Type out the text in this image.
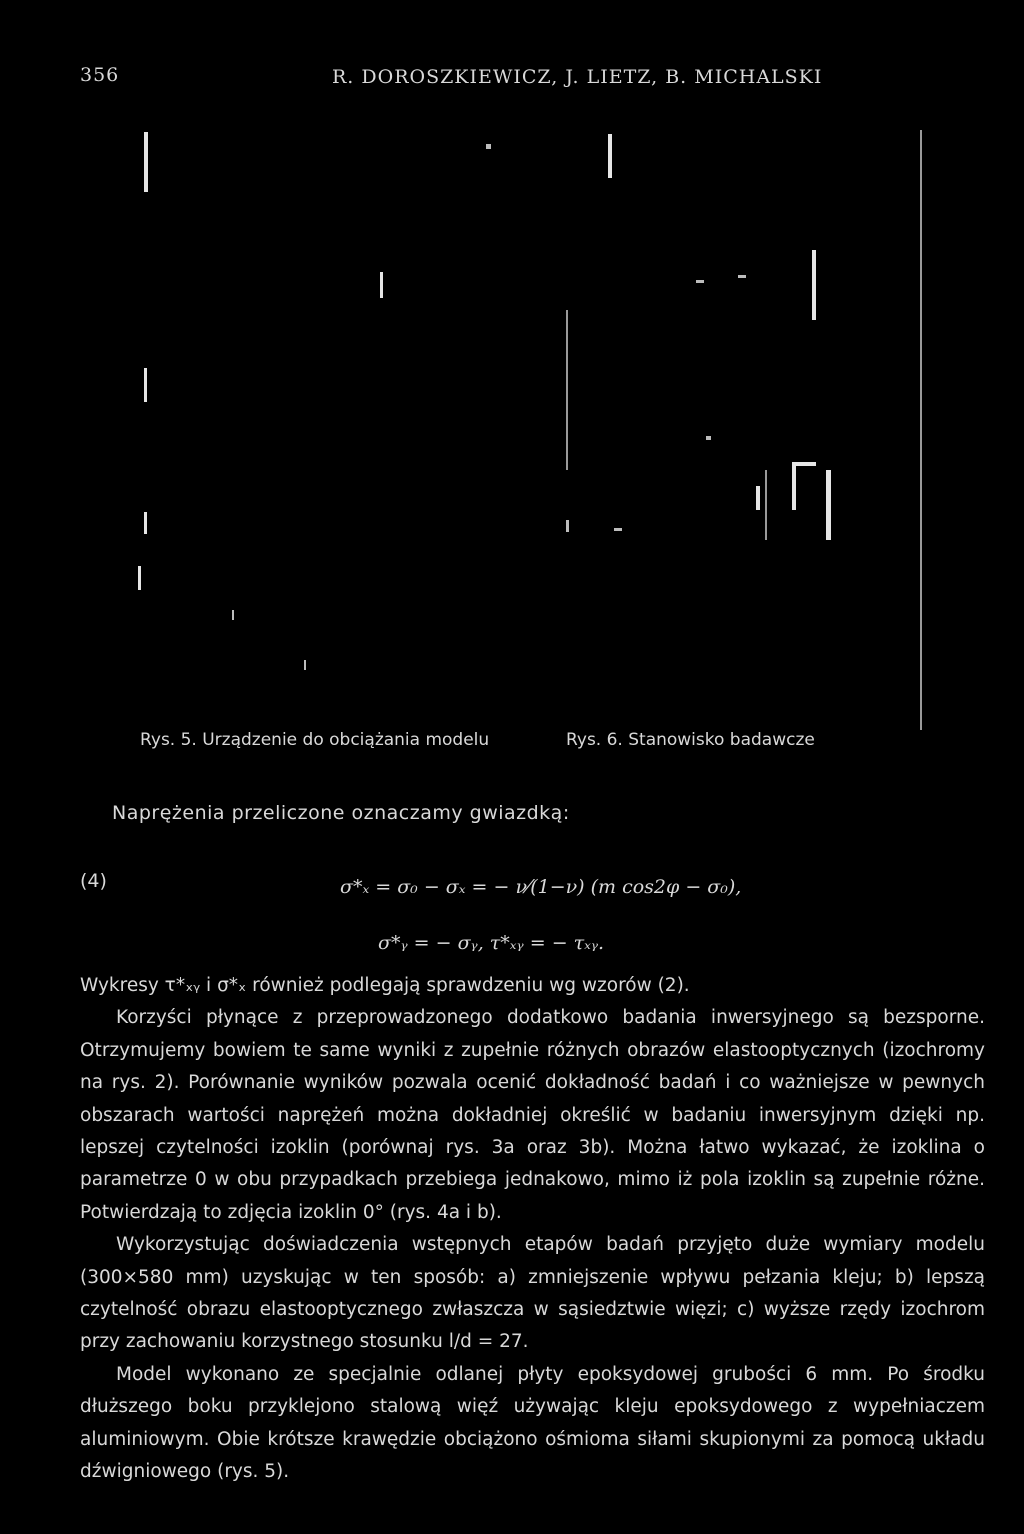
356	R. DOROSZKIEWICZ, J. LIETZ, B. MICHALSKI
Rys. 5. Urządzenie do obciążania modelu	Rys. 6. Stanowisko badawcze
Naprężenia przeliczone oznaczamy gwiazdką:
(4)	σ*ₓ = σ₀ − σₓ = − ν⁄(1−ν) (m cos2φ − σ₀),
σ*ᵧ = − σᵧ, τ*ₓᵧ = − τₓᵧ.

Wykresy τ*ₓᵧ i σ*ₓ również podlegają sprawdzeniu wg wzorów (2).

Korzyści płynące z przeprowadzonego dodatkowo badania inwersyjnego są bezsporne. Otrzymujemy bowiem te same wyniki z zupełnie różnych obrazów elastooptycznych (izochromy na rys. 2). Porównanie wyników pozwala ocenić dokładność badań i co ważniejsze w pewnych obszarach wartości naprężeń można dokładniej określić w badaniu inwersyjnym dzięki np. lepszej czytelności izoklin (porównaj rys. 3a oraz 3b). Można łatwo wykazać, że izoklina o parametrze 0 w obu przypadkach przebiega jednakowo, mimo iż pola izoklin są zupełnie różne. Potwierdzają to zdjęcia izoklin 0° (rys. 4a i b).

Wykorzystując doświadczenia wstępnych etapów badań przyjęto duże wymiary modelu (300×580 mm) uzyskując w ten sposób: a) zmniejszenie wpływu pełzania kleju; b) lepszą czytelność obrazu elastooptycznego zwłaszcza w sąsiedztwie więzi; c) wyższe rzędy izochrom przy zachowaniu korzystnego stosunku l/d = 27.

Model wykonano ze specjalnie odlanej płyty epoksydowej grubości 6 mm. Po środku dłuższego boku przyklejono stalową więź używając kleju epoksydowego z wypełniaczem aluminiowym. Obie krótsze krawędzie obciążono ośmioma siłami skupionymi za pomocą układu dźwigniowego (rys. 5).
